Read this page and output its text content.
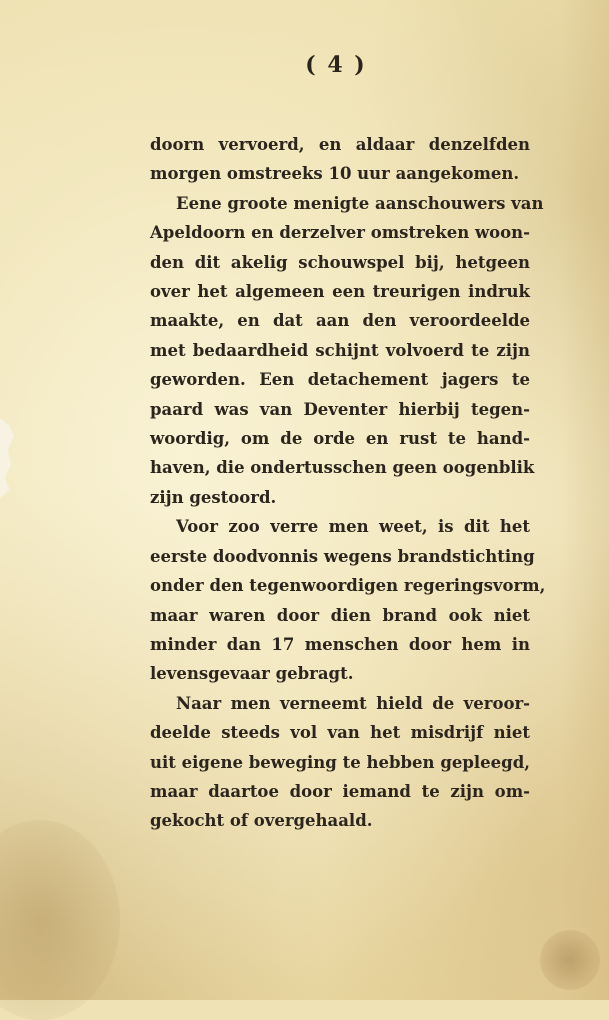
( 4 )
doorn vervoerd, en aldaar denzelfden
morgen omstreeks 10 uur aangekomen.
Eene groote menigte aanschouwers van
Apeldoorn en derzelver omstreken woon-
den dit akelig schouwspel bij, hetgeen
over het algemeen een treurigen indruk
maakte, en dat aan den veroordeelde
met bedaardheid schijnt volvoerd te zijn
geworden. Een detachement jagers te
paard was van Deventer hierbij tegen-
woordig, om de orde en rust te hand-
haven, die ondertusschen geen oogenblik
zijn gestoord.
Voor zoo verre men weet, is dit het
eerste doodvonnis wegens brandstichting
onder den tegenwoordigen regeringsvorm,
maar waren door dien brand ook niet
minder dan 17 menschen door hem in
levensgevaar gebragt.
Naar men verneemt hield de veroor-
deelde steeds vol van het misdrijf niet
uit eigene beweging te hebben gepleegd,
maar daartoe door iemand te zijn om-
gekocht of overgehaald.
